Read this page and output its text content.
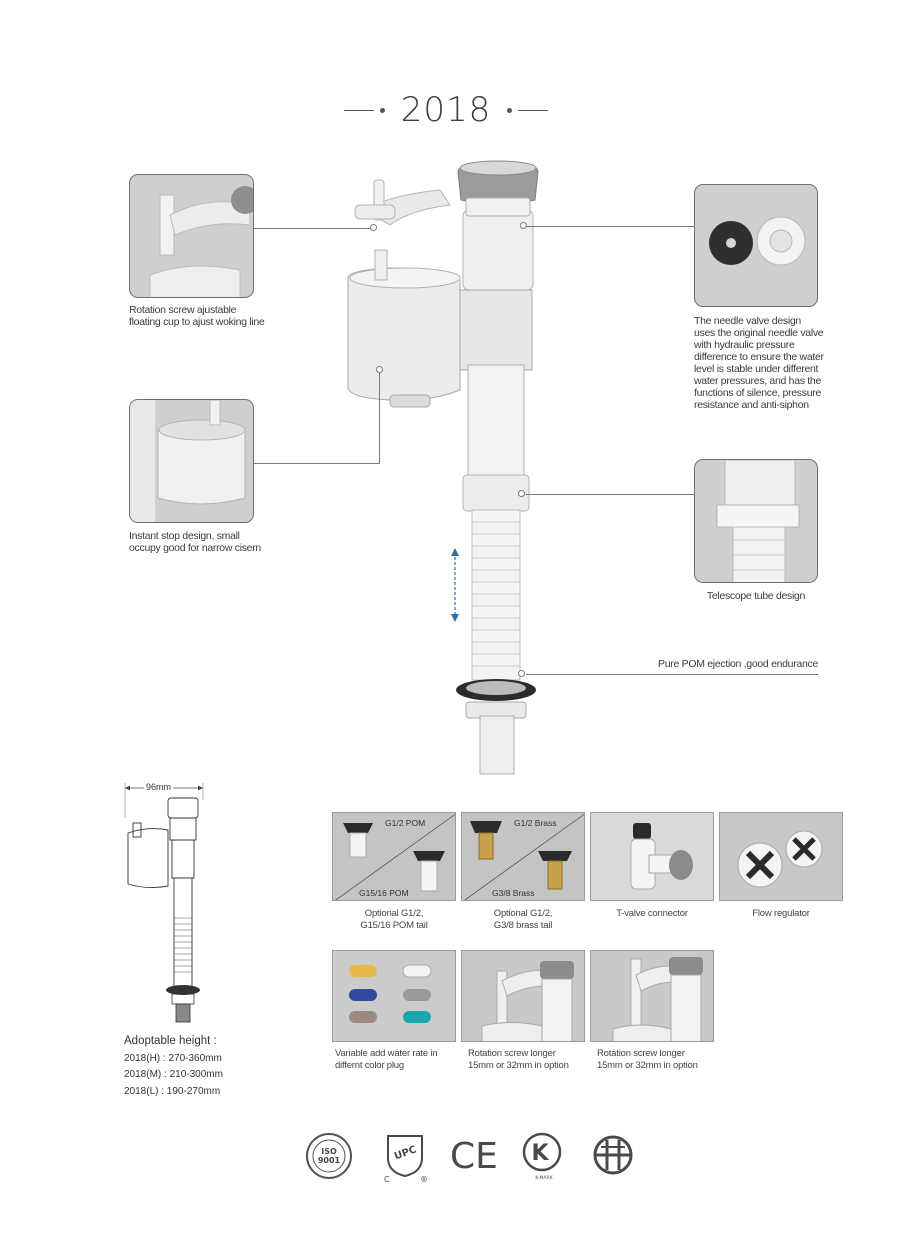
2018
Rotation screw ajustable floating cup to ajust woking line
Instant stop design, small occupy good for narrow cisern
The needle valve design uses the original needle valve with hydraulic pressure difference to ensure the water level is stable under different water pressures, and has the functions of silence, pressure resistance and anti-siphon
Telescope tube design
Pure POM ejection ,good endurance
96mm
Adoptable height :
2018(H) : 270-360mm
2018(M) : 210-300mm
2018(L) : 190-270mm
G1/2 POM
G15/16 POM
Optional G1/2,
G15/16 POM tail
G1/2 Brass
G3/8 Brass
Optional G1/2,
G3/8 brass tail
T-valve connector	Flow regulator
Variable add water rate in
differnt color plug
Rotation screw longer
15mm or 32mm in option
Rotation screw longer
15mm or 32mm in option
ISO
9001	UPC
C	®
CE K
K-MARK
